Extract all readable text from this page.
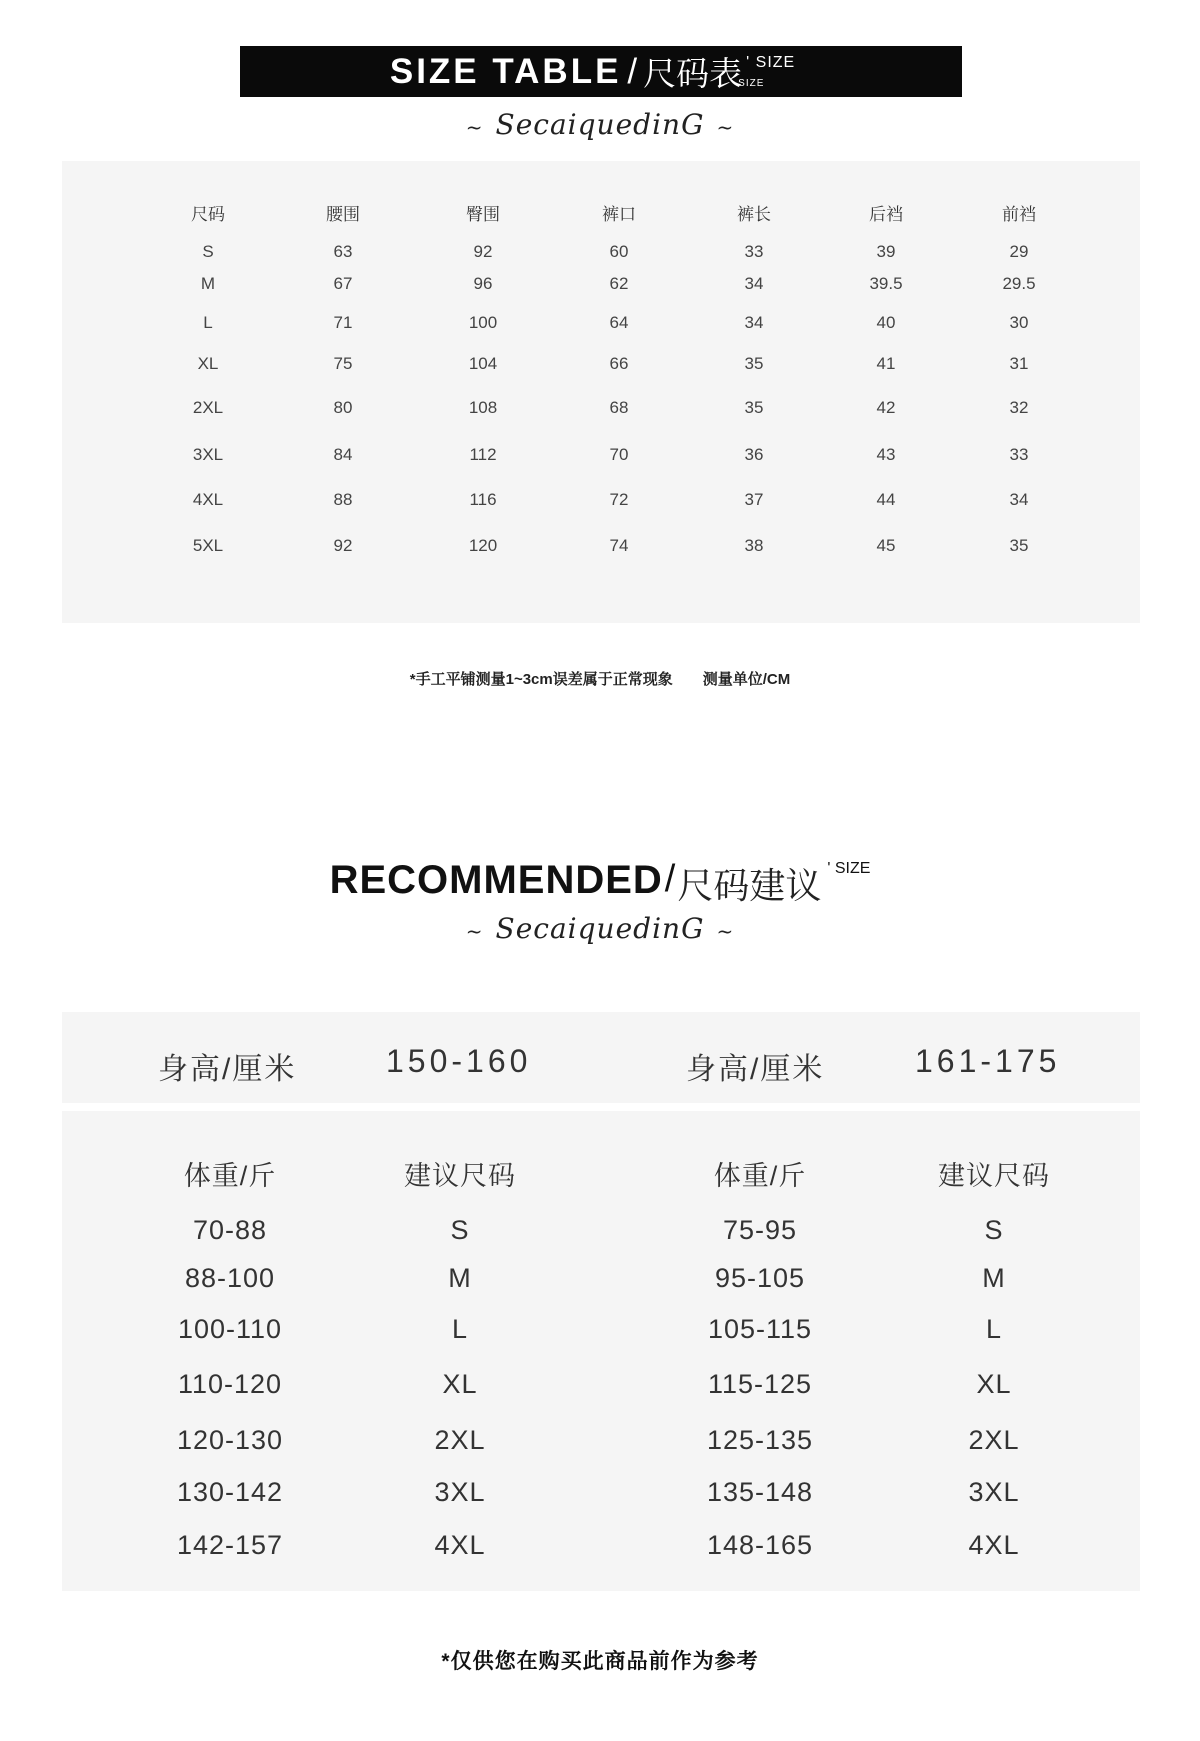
SIZE TABLE / 尺码表 ' SIZE
SIZE
~ SecaiquedinG ~
尺码	腰围	臀围	裤口	裤长	后裆	前裆
S	63	92	60	33	39	29
M	67	96	62	34	39.5	29.5
L	71	100	64	34	40	30
XL	75	104	66	35	41	31
2XL	80	108	68	35	42	32
3XL	84	112	70	36	43	33
4XL	88	116	72	37	44	34
5XL	92	120	74	38	45	35
*手工平铺测量1~3cm误差属于正常现象　　测量单位/CM
RECOMMENDED / 尺码建议 ' SIZE
~ SecaiquedinG ~
身高/厘米	150-160	身高/厘米	161-175
体重/斤	建议尺码
70-88	S
88-100	M
100-110	L
110-120	XL
120-130	2XL
130-142	3XL
142-157	4XL
体重/斤	建议尺码
75-95	S
95-105	M
105-115	L
115-125	XL
125-135	2XL
135-148	3XL
148-165	4XL
*仅供您在购买此商品前作为参考
